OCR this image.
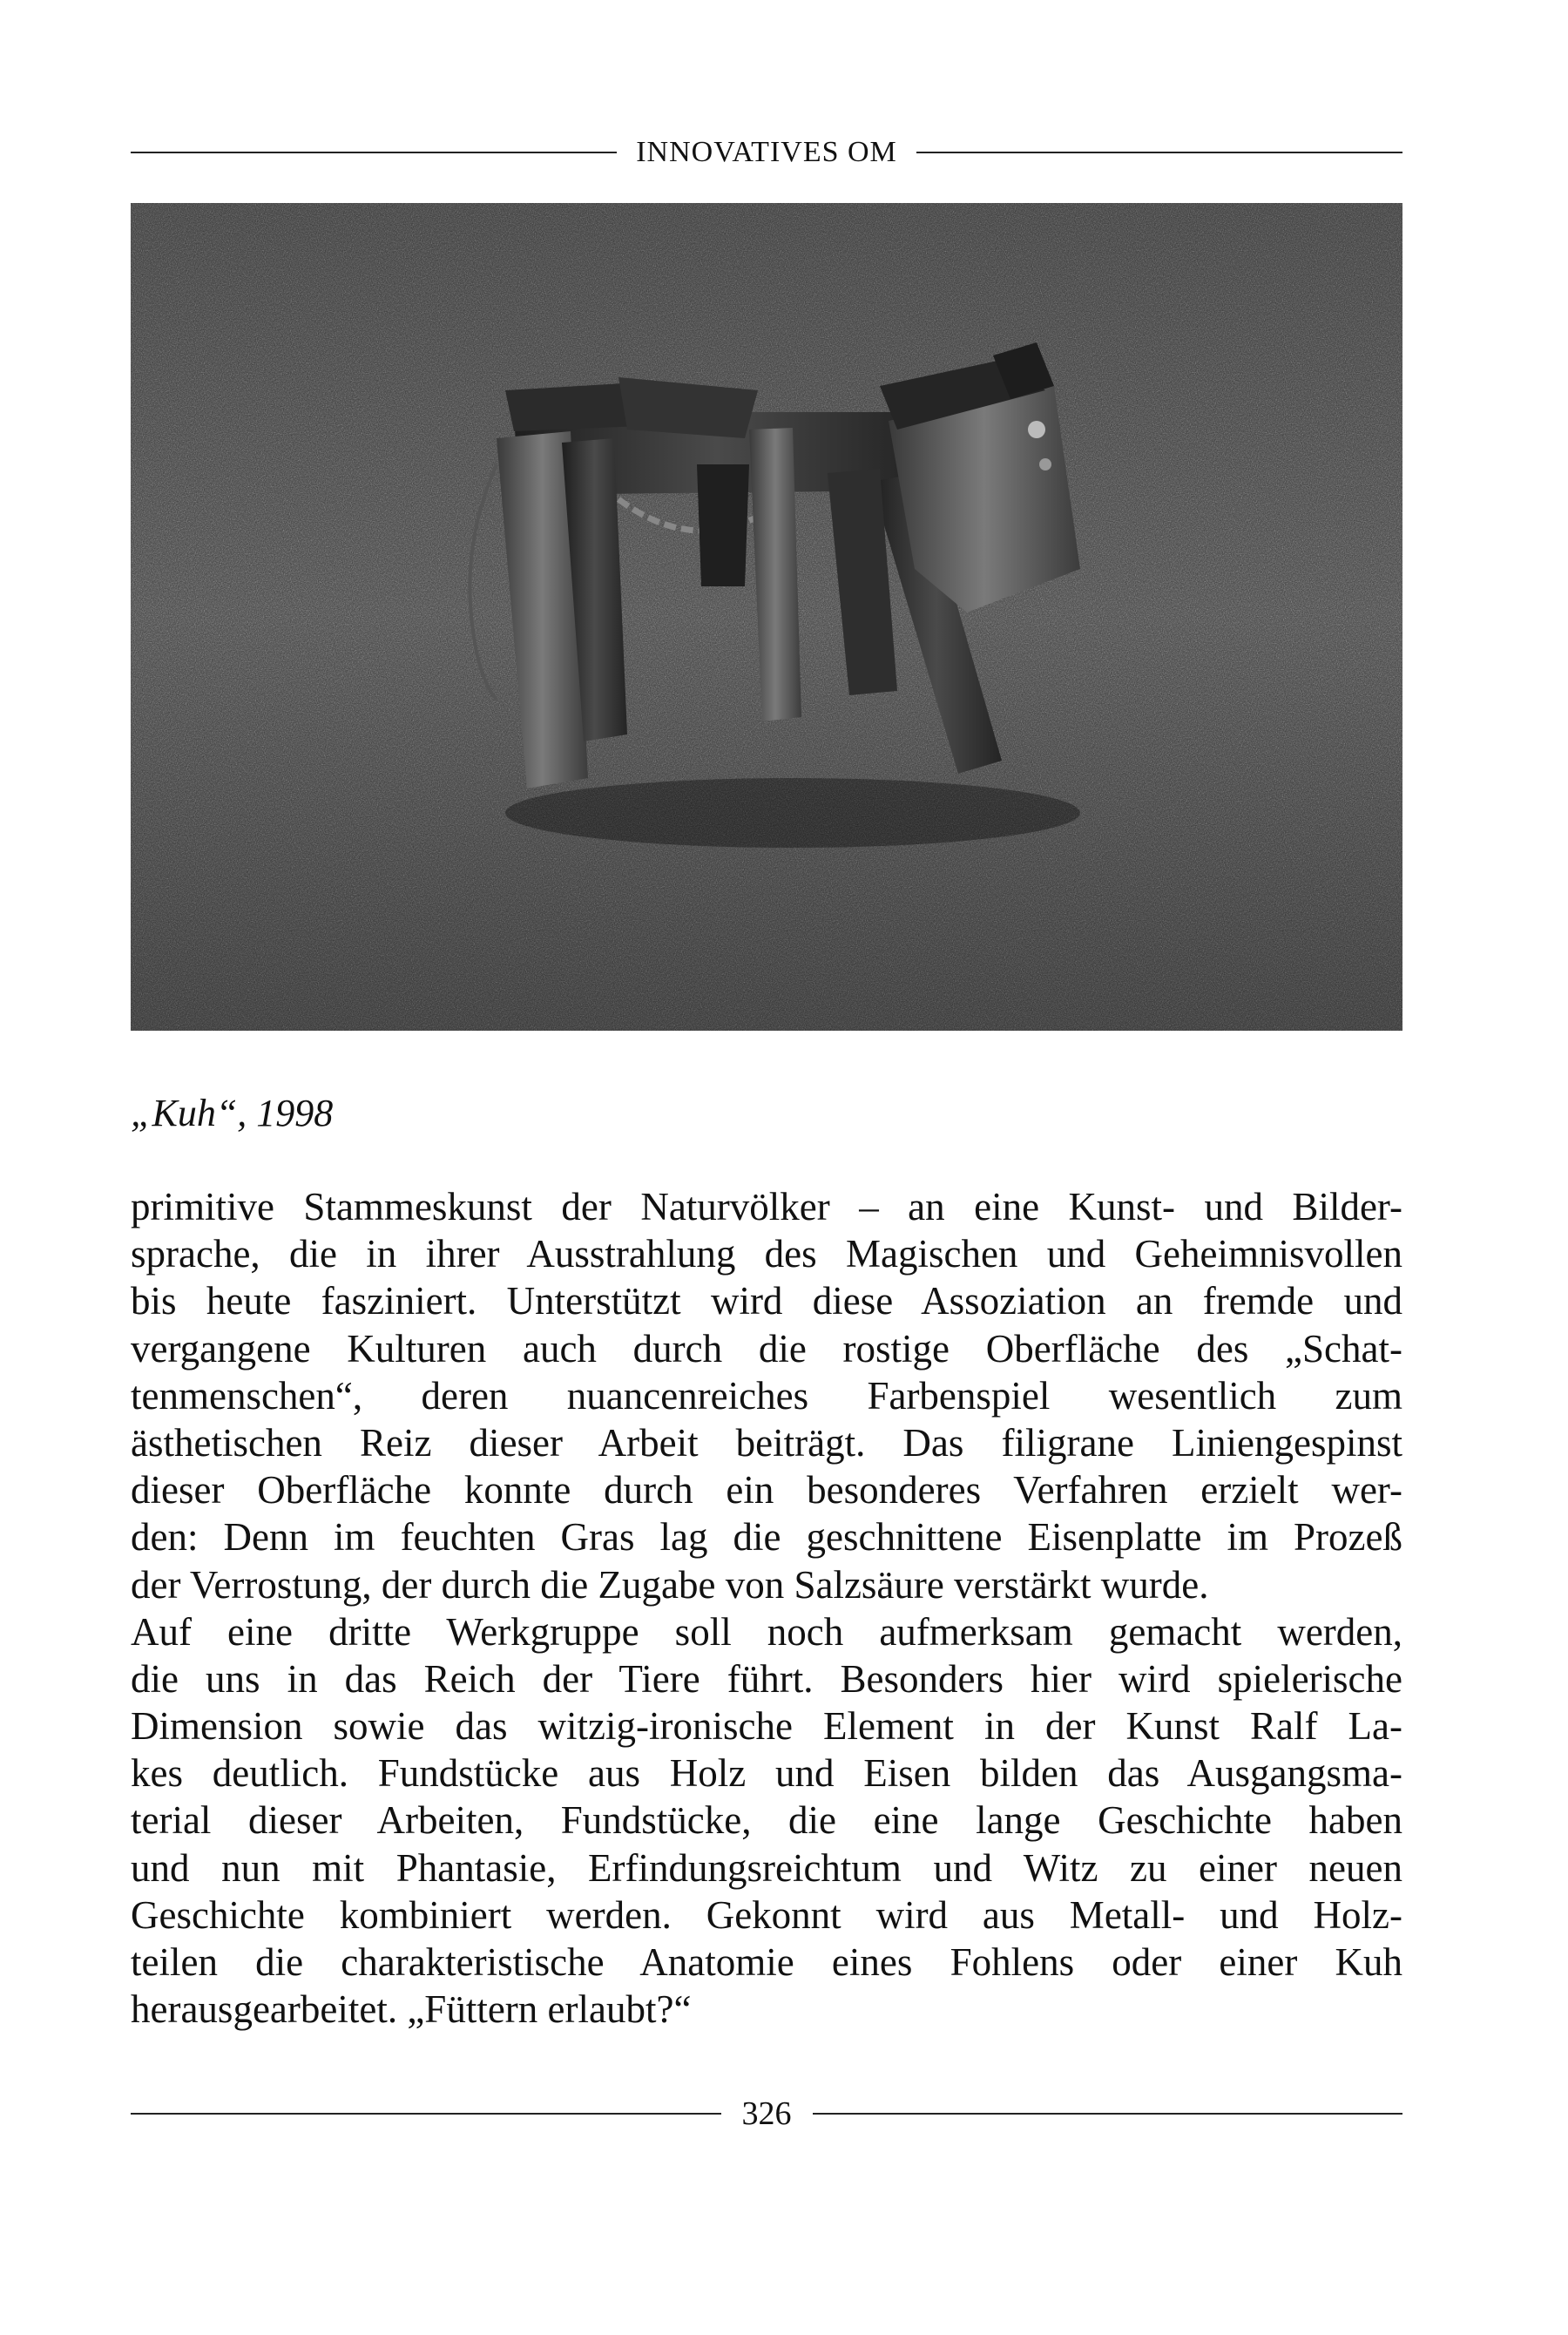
INNOVATIVES OM
„Kuh“, 1998
primitive Stammeskunst der Naturvölker – an eine Kunst- und Bilder-
sprache, die in ihrer Ausstrahlung des Magischen und Geheimnisvollen
bis heute fasziniert. Unterstützt wird diese Assoziation an fremde und
vergangene Kulturen auch durch die rostige Oberfläche des „Schat-
tenmenschen“, deren nuancenreiches Farbenspiel wesentlich zum
ästhetischen Reiz dieser Arbeit beiträgt. Das filigrane Liniengespinst
dieser Oberfläche konnte durch ein besonderes Verfahren erzielt wer-
den: Denn im feuchten Gras lag die geschnittene Eisenplatte im Prozeß
der Verrostung, der durch die Zugabe von Salzsäure verstärkt wurde.
Auf eine dritte Werkgruppe soll noch aufmerksam gemacht werden,
die uns in das Reich der Tiere führt. Besonders hier wird spielerische
Dimension sowie das witzig-ironische Element in der Kunst Ralf La-
kes deutlich. Fundstücke aus Holz und Eisen bilden das Ausgangsma-
terial dieser Arbeiten, Fundstücke, die eine lange Geschichte haben
und nun mit Phantasie, Erfindungsreichtum und Witz zu einer neuen
Geschichte kombiniert werden. Gekonnt wird aus Metall- und Holz-
teilen die charakteristische Anatomie eines Fohlens oder einer Kuh
herausgearbeitet. „Füttern erlaubt?“
326
